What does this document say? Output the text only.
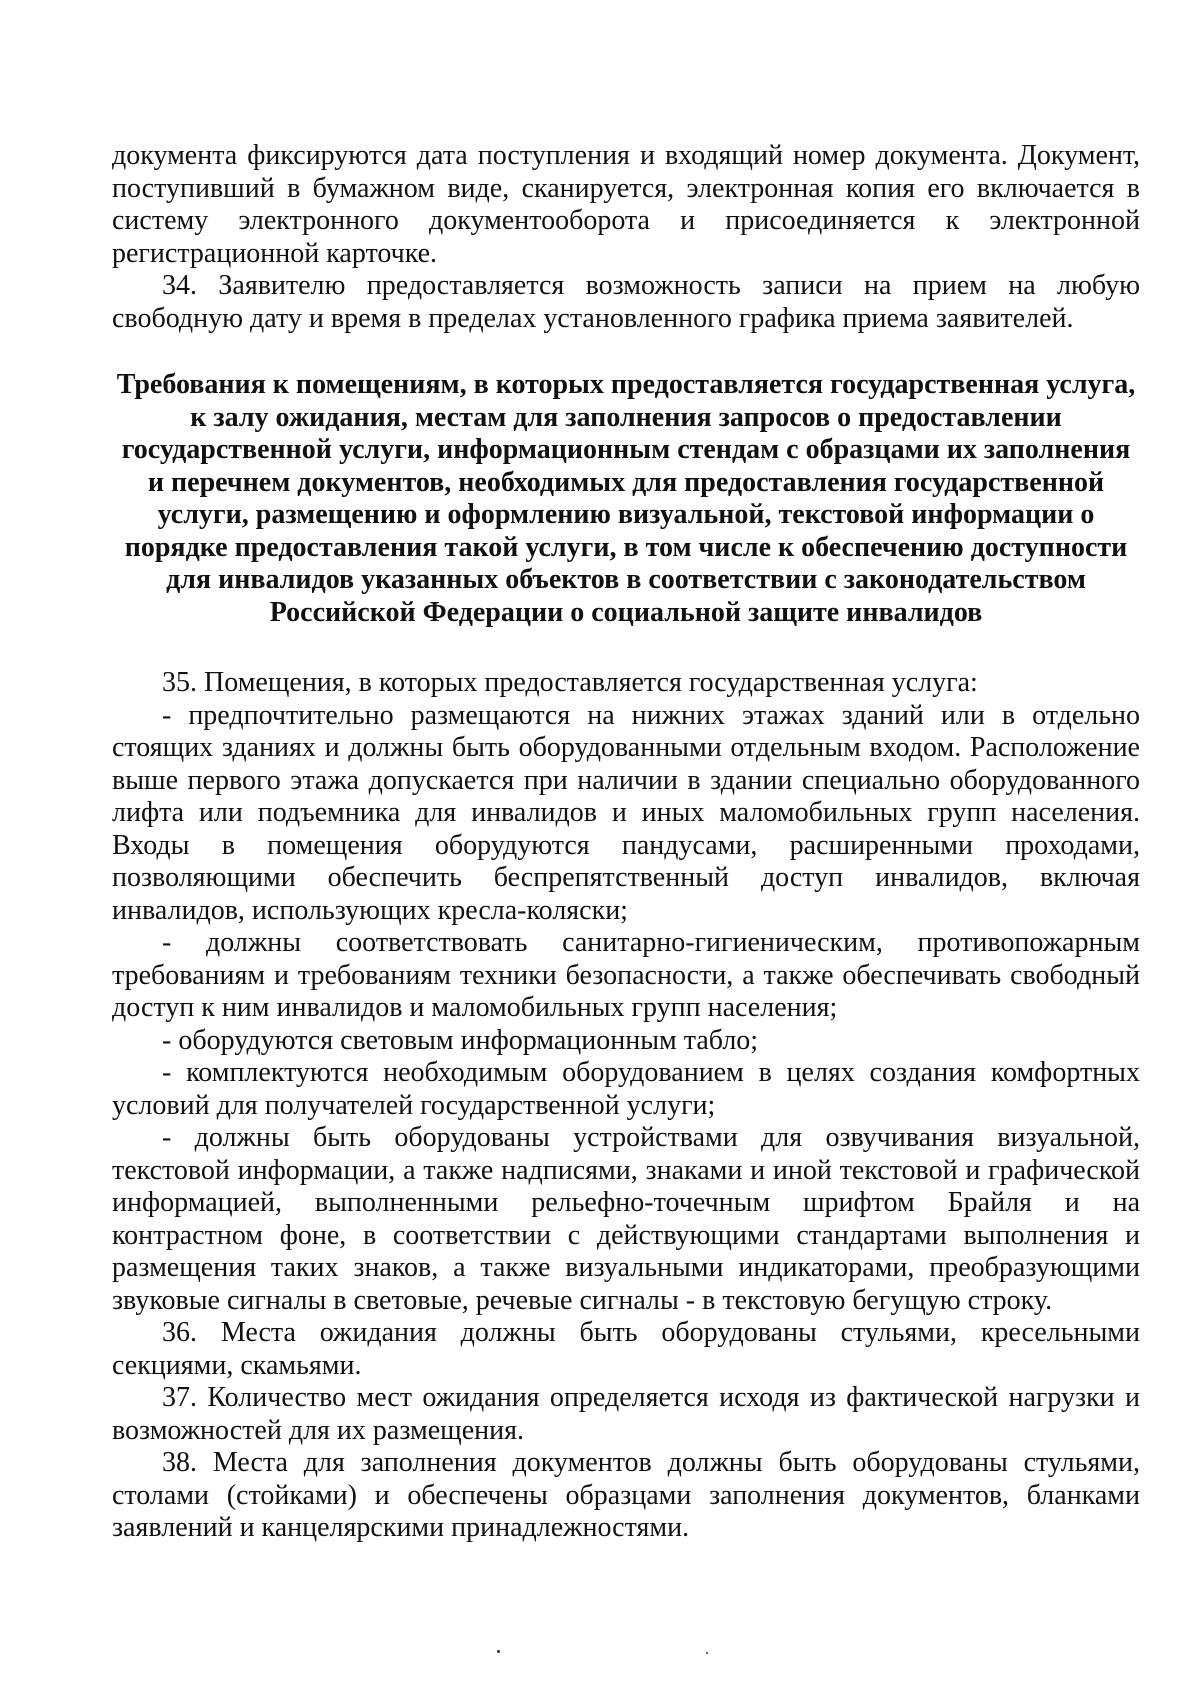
документа фиксируются дата поступления и входящий номер документа. Документ, поступивший в бумажном виде, сканируется, электронная копия его включается в систему электронного документооборота и присоединяется к электронной регистрационной карточке.

34. Заявителю предоставляется возможность записи на прием на любую свободную дату и время в пределах установленного графика приема заявителей.

Требования к помещениям, в которых предоставляется государственная услуга, к залу ожидания, местам для заполнения запросов о предоставлении государственной услуги, информационным стендам с образцами их заполнения и перечнем документов, необходимых для предоставления государственной услуги, размещению и оформлению визуальной, текстовой информации о порядке предоставления такой услуги, в том числе к обеспечению доступности для инвалидов указанных объектов в соответствии с законодательством Российской Федерации о социальной защите инвалидов

35. Помещения, в которых предоставляется государственная услуга:

- предпочтительно размещаются на нижних этажах зданий или в отдельно стоящих зданиях и должны быть оборудованными отдельным входом. Расположение выше первого этажа допускается при наличии в здании специально оборудованного лифта или подъемника для инвалидов и иных маломобильных групп населения. Входы в помещения оборудуются пандусами, расширенными проходами, позволяющими обеспечить беспрепятственный доступ инвалидов, включая инвалидов, использующих кресла-коляски;

- должны соответствовать санитарно-гигиеническим, противопожарным требованиям и требованиям техники безопасности, а также обеспечивать свободный доступ к ним инвалидов и маломобильных групп населения;

- оборудуются световым информационным табло;

- комплектуются необходимым оборудованием в целях создания комфортных условий для получателей государственной услуги;

- должны быть оборудованы устройствами для озвучивания визуальной, текстовой информации, а также надписями, знаками и иной текстовой и графической информацией, выполненными рельефно-точечным шрифтом Брайля и на контрастном фоне, в соответствии с действующими стандартами выполнения и размещения таких знаков, а также визуальными индикаторами, преобразующими звуковые сигналы в световые, речевые сигналы - в текстовую бегущую строку.

36. Места ожидания должны быть оборудованы стульями, кресельными секциями, скамьями.

37. Количество мест ожидания определяется исходя из фактической нагрузки и возможностей для их размещения.

38. Места для заполнения документов должны быть оборудованы стульями, столами (стойками) и обеспечены образцами заполнения документов, бланками заявлений и канцелярскими принадлежностями.
